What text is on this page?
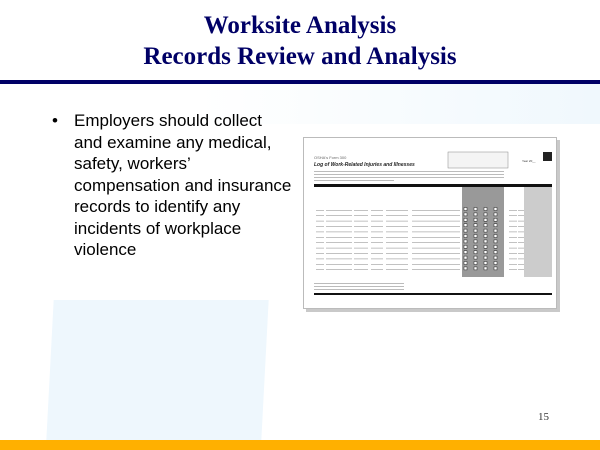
Worksite Analysis
Records Review and Analysis
• Employers should collect and examine any medical, safety, workers’ compensation and insurance records to identify any incidents of workplace violence
OSHA's Form 300
Log of Work-Related Injuries and Illnesses
Year 20__
15
